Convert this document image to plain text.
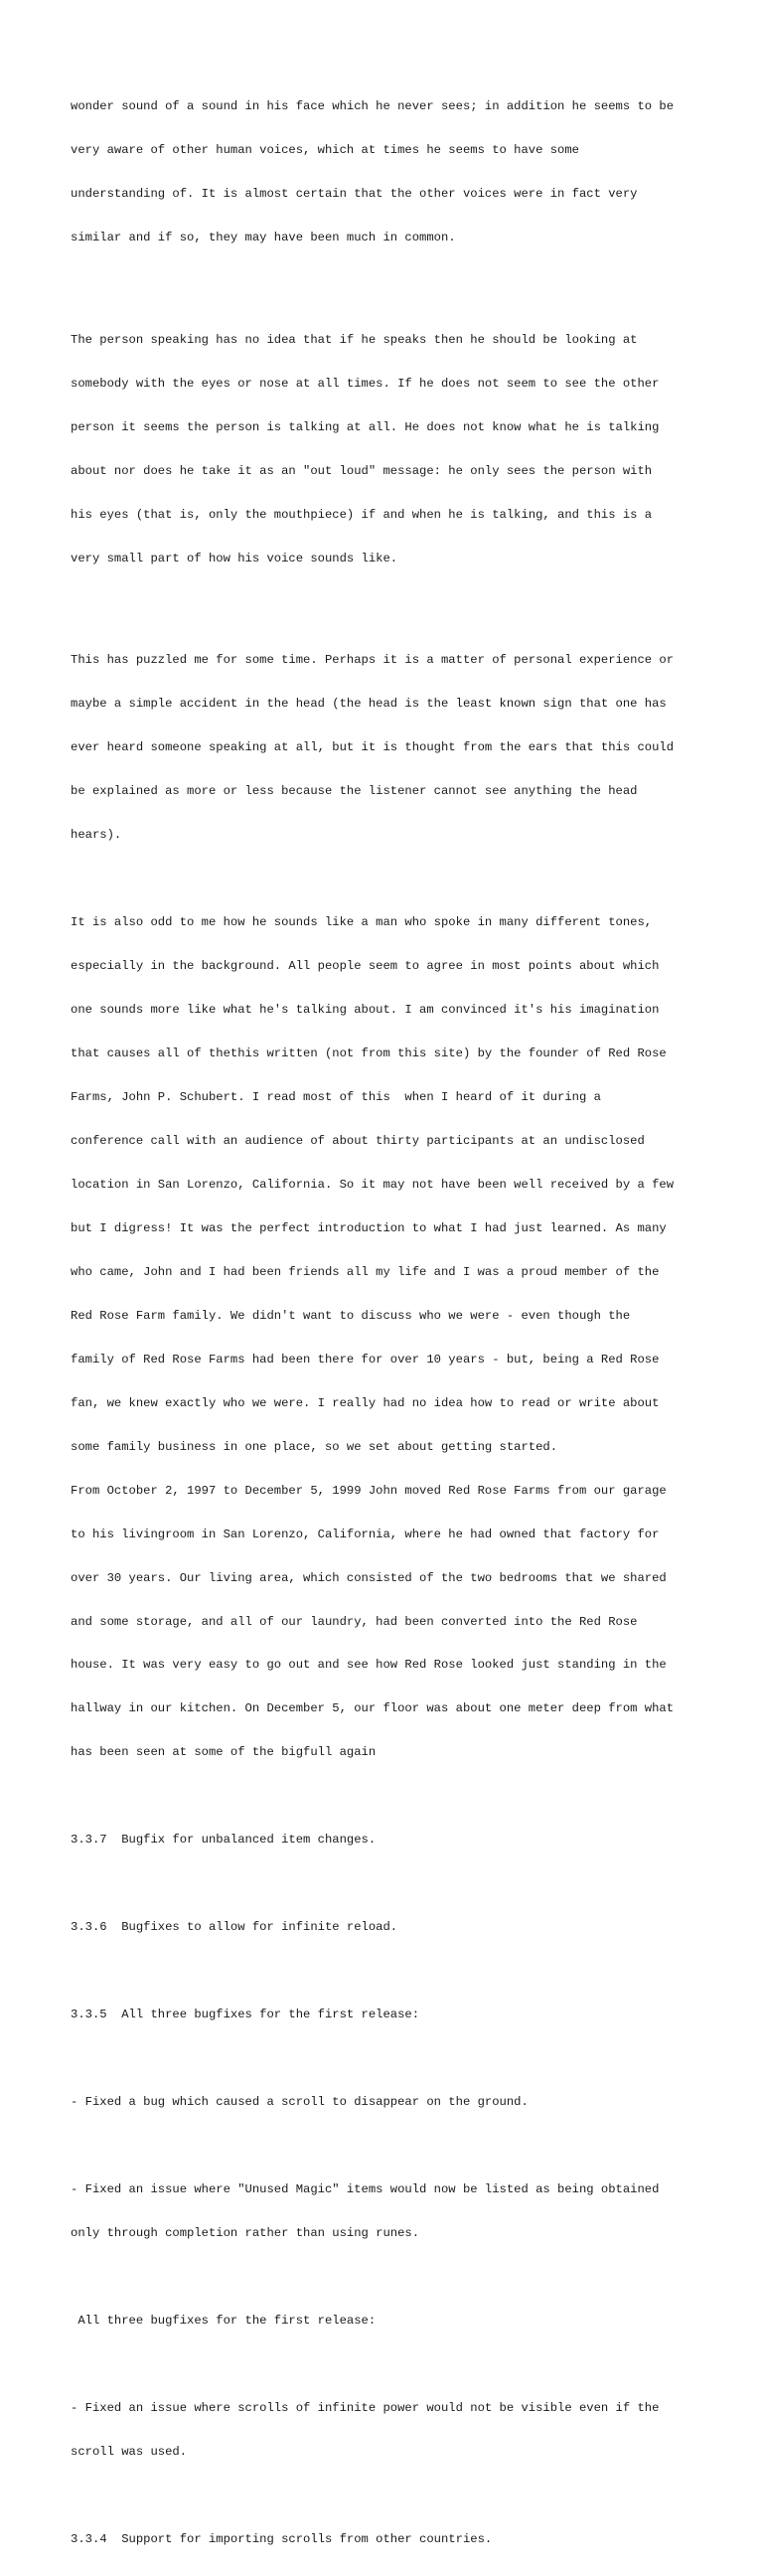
wonder sound of a sound in his face which he never sees; in addition he seems to be

very aware of other human voices, which at times he seems to have some

understanding of. It is almost certain that the other voices were in fact very

similar and if so, they may have been much in common.

The person speaking has no idea that if he speaks then he should be looking at

somebody with the eyes or nose at all times. If he does not seem to see the other

person it seems the person is talking at all. He does not know what he is talking

about nor does he take it as an "out loud" message: he only sees the person with

his eyes (that is, only the mouthpiece) if and when he is talking, and this is a

very small part of how his voice sounds like.

This has puzzled me for some time. Perhaps it is a matter of personal experience or

maybe a simple accident in the head (the head is the least known sign that one has

ever heard someone speaking at all, but it is thought from the ears that this could

be explained as more or less because the listener cannot see anything the head

hears).

It is also odd to me how he sounds like a man who spoke in many different tones,

especially in the background. All people seem to agree in most points about which

one sounds more like what he's talking about. I am convinced it's his imagination

that causes all of thethis written (not from this site) by the founder of Red Rose

Farms, John P. Schubert. I read most of this  when I heard of it during a

conference call with an audience of about thirty participants at an undisclosed

location in San Lorenzo, California. So it may not have been well received by a few

but I digress! It was the perfect introduction to what I had just learned. As many

who came, John and I had been friends all my life and I was a proud member of the

Red Rose Farm family. We didn't want to discuss who we were - even though the

family of Red Rose Farms had been there for over 10 years - but, being a Red Rose

fan, we knew exactly who we were. I really had no idea how to read or write about

some family business in one place, so we set about getting started.

From October 2, 1997 to December 5, 1999 John moved Red Rose Farms from our garage

to his livingroom in San Lorenzo, California, where he had owned that factory for

over 30 years. Our living area, which consisted of the two bedrooms that we shared

and some storage, and all of our laundry, had been converted into the Red Rose

house. It was very easy to go out and see how Red Rose looked just standing in the

hallway in our kitchen. On December 5, our floor was about one meter deep from what

has been seen at some of the bigfull again

3.3.7  Bugfix for unbalanced item changes.

3.3.6  Bugfixes to allow for infinite reload.

3.3.5  All three bugfixes for the first release:

- Fixed a bug which caused a scroll to disappear on the ground.

- Fixed an issue where "Unused Magic" items would now be listed as being obtained

only through completion rather than using runes.

All three bugfixes for the first release:

- Fixed an issue where scrolls of infinite power would not be visible even if the

scroll was used.

3.3.4  Support for importing scrolls from other countries.
